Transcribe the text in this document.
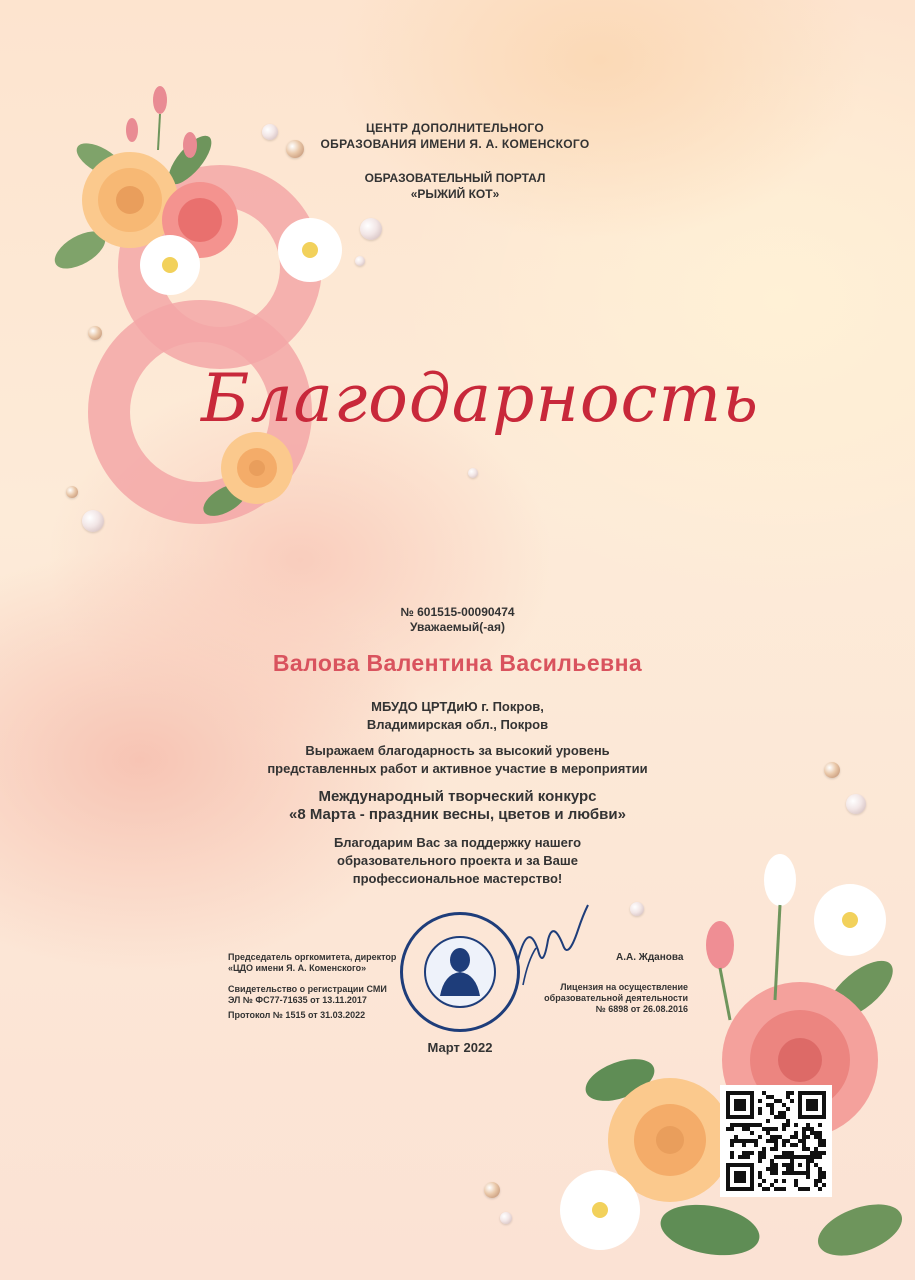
ЦЕНТР ДОПОЛНИТЕЛЬНОГО
ОБРАЗОВАНИЯ ИМЕНИ Я. А. КОМЕНСКОГО
ОБРАЗОВАТЕЛЬНЫЙ ПОРТАЛ
«РЫЖИЙ КОТ»
Благодарность
№ 601515-00090474
Уважаемый(-ая)
Валова Валентина Васильевна
МБУДО ЦРТДиЮ г. Покров,
Владимирская обл., Покров
Выражаем благодарность за высокий уровень
представленных работ и активное участие в мероприятии
Международный творческий конкурс
«8 Марта - праздник весны, цветов и любви»
Благодарим Вас за поддержку нашего
образовательного проекта и за Ваше
профессиональное мастерство!
Председатель оргкомитета, директор
«ЦДО имени Я. А. Коменского»
Свидетельство о регистрации СМИ
ЭЛ № ФС77-71635 от 13.11.2017
Протокол № 1515 от 31.03.2022
А.А. Жданова
Лицензия на осуществление
образовательной деятельности
№ 6898 от 26.08.2016
Март 2022
